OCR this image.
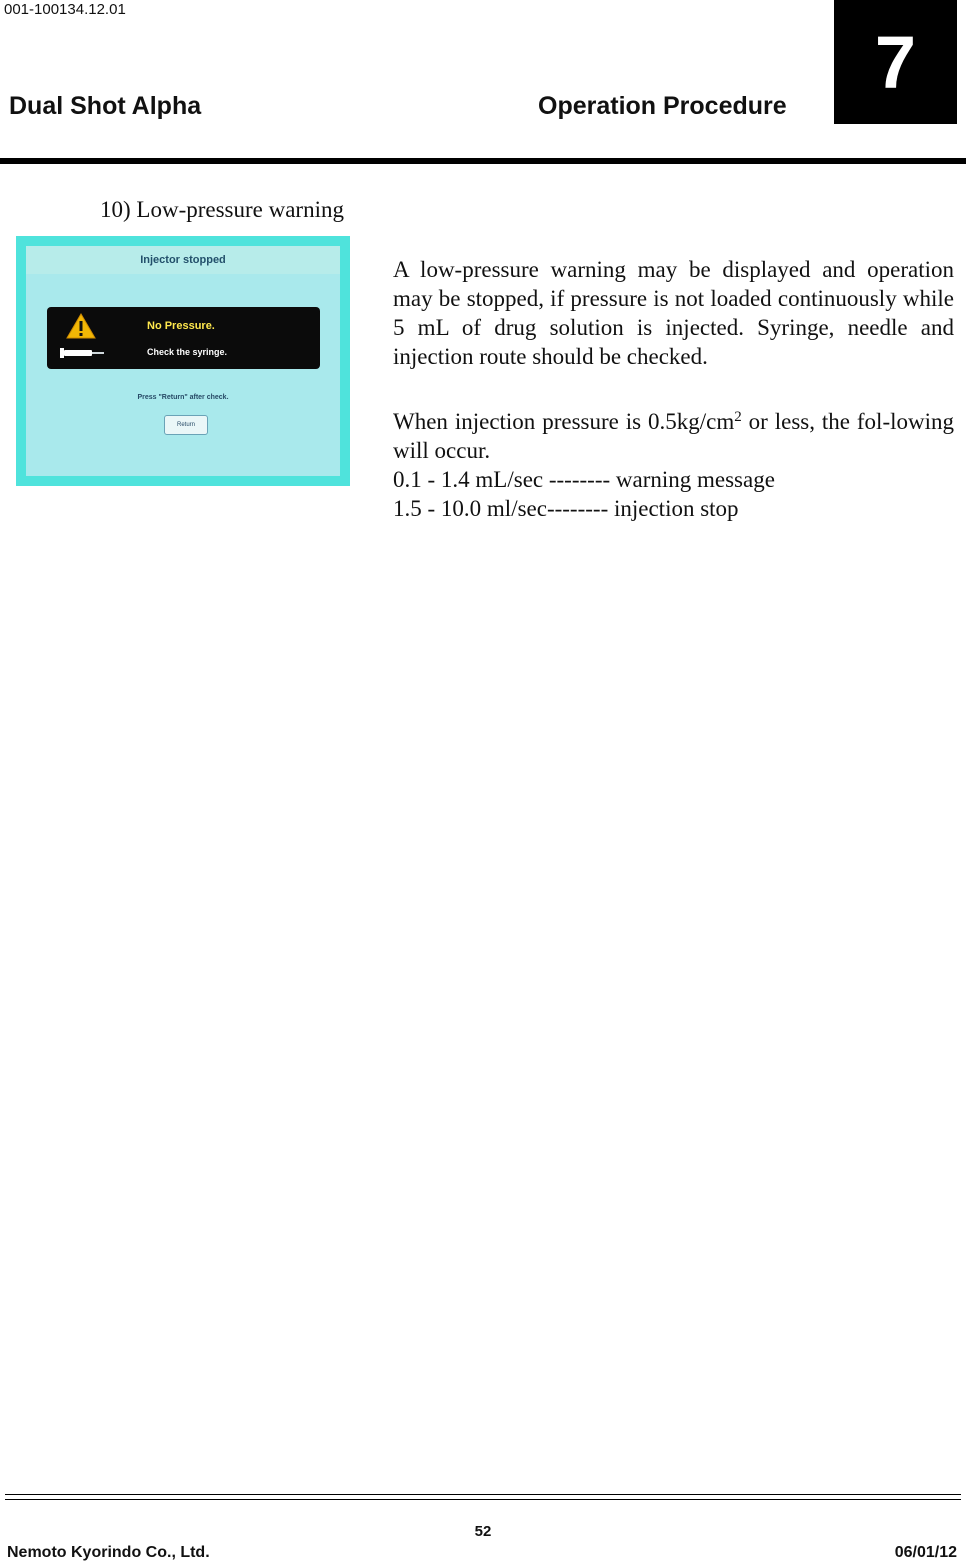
001-100134.12.01
Dual Shot Alpha	Operation Procedure
7
10) Low-pressure warning
Injector stopped
No Pressure.
Check the syringe.
Press "Return" after check.
Return
A low-pressure warning may be displayed and operation may be stopped, if pressure is not loaded continuously while 5 mL of drug solution is injected. Syringe, needle and injection route should be checked.
When injection pressure is $0.5kg/cm^2$ or less, the fol-lowing will occur.
0.1 - 1.4 mL/sec -------- warning message
1.5 - 10.0 ml/sec-------- injection stop
52
Nemoto Kyorindo Co., Ltd.	06/01/12
